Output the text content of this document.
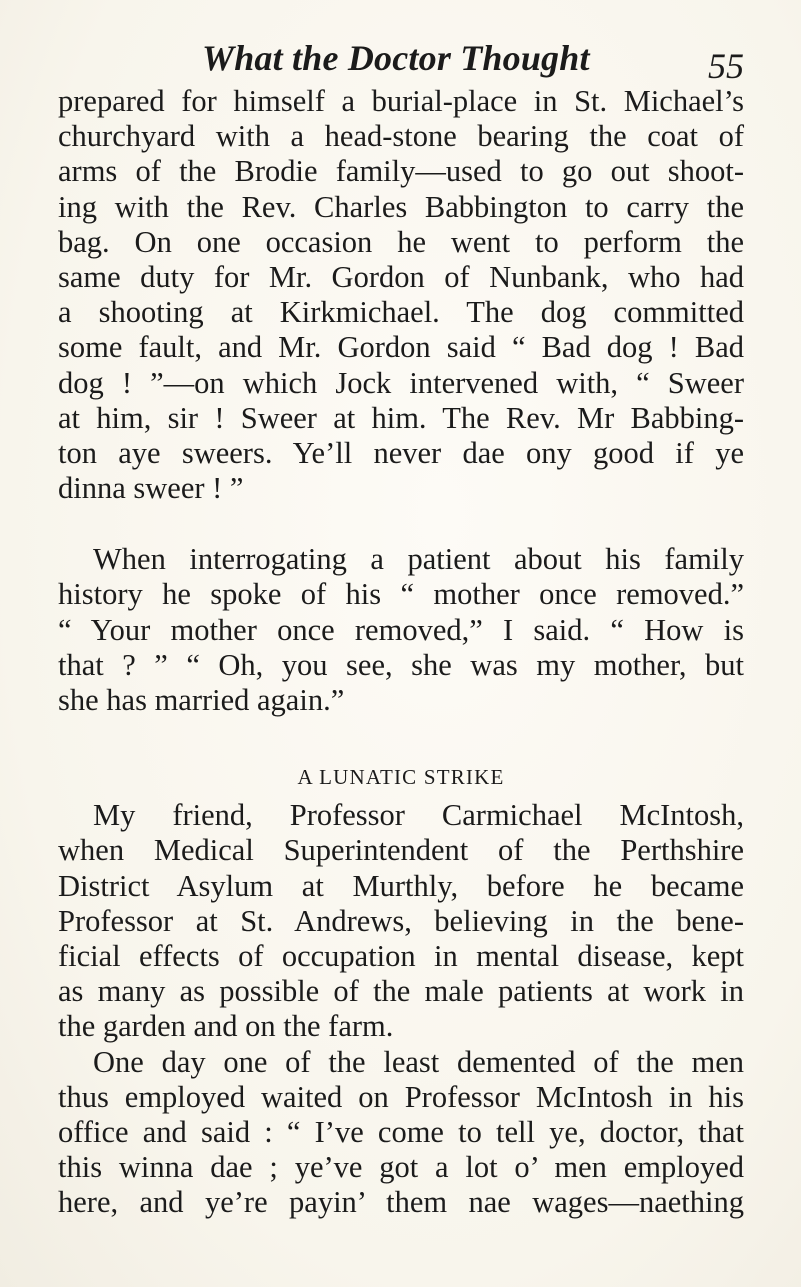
What the Doctor Thought	55
prepared for himself a burial-place in St. Michael’s
churchyard with a head-stone bearing the coat of
arms of the Brodie family—used to go out shoot-
ing with the Rev. Charles Babbington to carry the
bag. On one occasion he went to perform the
same duty for Mr. Gordon of Nunbank, who had
a shooting at Kirkmichael. The dog committed
some fault, and Mr. Gordon said “ Bad dog ! Bad
dog ! ”—on which Jock intervened with, “ Sweer
at him, sir ! Sweer at him. The Rev. Mr Babbing-
ton aye sweers. Ye’ll never dae ony good if ye
dinna sweer ! ”
When interrogating a patient about his family
history he spoke of his “ mother once removed.”
“ Your mother once removed,” I said. “ How is
that ? ” “ Oh, you see, she was my mother, but
she has married again.”
A LUNATIC STRIKE
My friend, Professor Carmichael McIntosh,
when Medical Superintendent of the Perthshire
District Asylum at Murthly, before he became
Professor at St. Andrews, believing in the bene-
ficial effects of occupation in mental disease, kept
as many as possible of the male patients at work in
the garden and on the farm.
One day one of the least demented of the men
thus employed waited on Professor McIntosh in his
office and said : “ I’ve come to tell ye, doctor, that
this winna dae ; ye’ve got a lot o’ men employed
here, and ye’re payin’ them nae wages—naething
